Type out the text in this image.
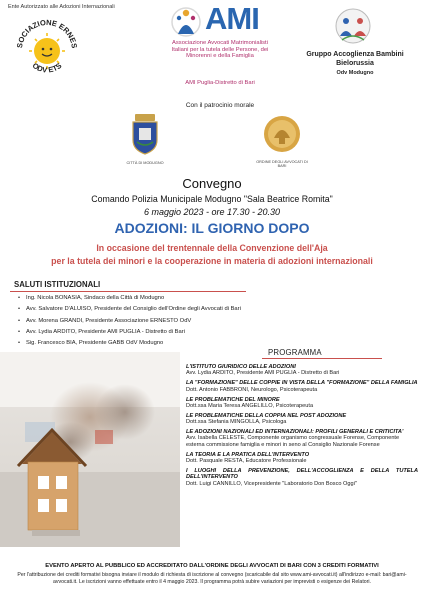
Ente Autorizzato alle Adozioni Internazionali
SOCIAZIONE ERNES
ODV ETS
AMI
Associazione Avvocati Matrimonialisti Italiani per la tutela delle Persone, dei Minorenni e della Famiglia
AMI Puglia-Distretto di Bari
Gruppo Accoglienza Bambini Bielorussia
Odv Modugno
Con il patrocinio morale
CITTÀ DI MODUGNO	ORDINE DEGLI AVVOCATI DI BARI
Convegno
Comando Polizia Municipale Modugno "Sala Beatrice Romita"
6 maggio 2023 - ore 17.30 - 20.30
ADOZIONI: IL GIORNO DOPO
In occasione del trentennale della Convenzione dell'Aja
per la tutela dei minori e la cooperazione in materia di adozioni internazionali
SALUTI ISTITUZIONALI
• Ing. Nicola BONASIA, Sindaco della Città di Modugno
• Avv. Salvatore D'ALUISO, Presidente del Consiglio dell'Ordine degli Avvocati di Bari
• Avv. Morena GRANDI, Presidente Associazione ERNESTO OdV
• Avv. Lydia ARDITO, Presidente AMI PUGLIA - Distretto di Bari
• Sig. Francesco BIA, Presidente GABB OdV Modugno
PROGRAMMA
L'ISTITUTO GIURIDICO DELLE ADOZIONI
Avv. Lydia ARDITO, Presidente AMI PUGLIA - Distretto di Bari
LA "FORMAZIONE" DELLE COPPIE IN VISTA DELLA "FORMAZIONE" DELLA FAMIGLIA
Dott. Antonio FABBRONI, Neurologo, Psicoterapeuta
LE PROBLEMATICHE DEL MINORE
Dott.ssa Maria Teresa ANGELILLO, Psicoterapeuta
LE PROBLEMATICHE DELLA COPPIA NEL POST ADOZIONE
Dott.ssa Stefania MINGOLLA, Psicologa
LE ADOZIONI NAZIONALI ED INTERNAZIONALI: PROFILI GENERALI E CRITICITA'
Avv. Isabella CELESTE, Componente organismo congressuale Forense, Componente esterna commissione famiglia e minori in seno al Consiglio Nazionale Forense
LA TEORIA E LA PRATICA DELL'INTERVENTO
Dott. Pasquale RESTA, Educatore Professionale
I LUOGHI DELLA PREVENZIONE, DELL'ACCOGLIENZA E DELLA TUTELA DELL'INTERVENTO
Dott. Luigi CANNILLO, Vicepresidente "Laboratorio Don Bosco Oggi"
EVENTO APERTO AL PUBBLICO ED ACCREDITATO DALL'ORDINE DEGLI AVVOCATI DI BARI CON 3 CREDITI FORMATIVI
Per l'attribuzione dei crediti formativi bisogna inviare il modulo di richiesta di iscrizione al convegno (scaricabile dal sito www.ami-avvocati.it) all'indirizzo e-mail: bari@ami-avvocati.it. Le iscrizioni vanno effettuate entro il 4 maggio 2023. Il programma potrà subire variazioni per imprevisti o esigenze dei Relatori.
